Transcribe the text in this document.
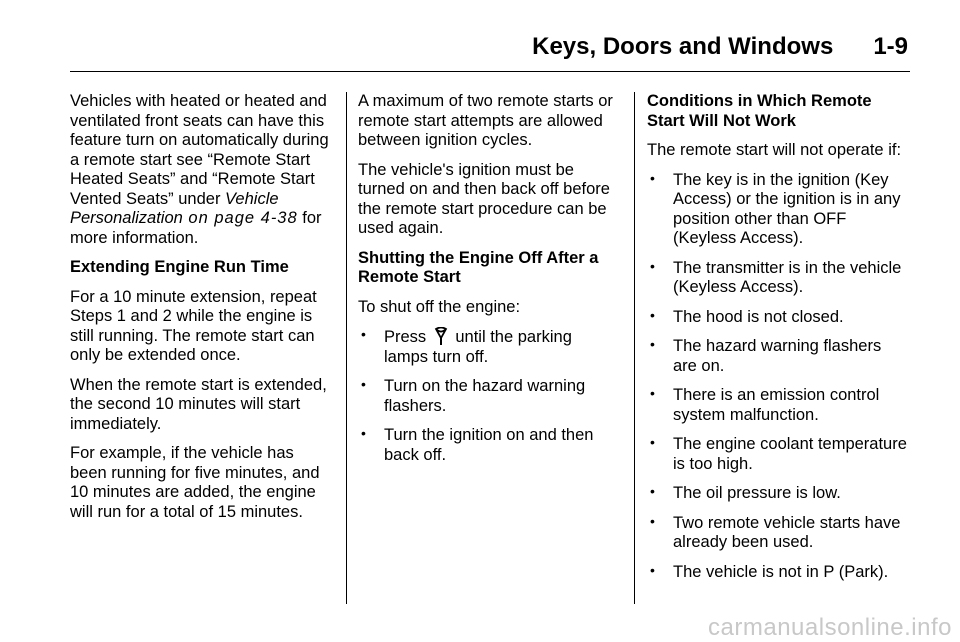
Keys, Doors and Windows 1-9

Vehicles with heated or heated and ventilated front seats can have this feature turn on automatically during a remote start see “Remote Start Heated Seats” and “Remote Start Vented Seats” under Vehicle Personalization on page 4-38 for more information.

Extending Engine Run Time

For a 10 minute extension, repeat Steps 1 and 2 while the engine is still running. The remote start can only be extended once.

When the remote start is extended, the second 10 minutes will start immediately.

For example, if the vehicle has been running for five minutes, and 10 minutes are added, the engine will run for a total of 15 minutes.

A maximum of two remote starts or remote start attempts are allowed between ignition cycles.

The vehicle's ignition must be turned on and then back off before the remote start procedure can be used again.

Shutting the Engine Off After a Remote Start

To shut off the engine:

• Press until the parking lamps turn off.
• Turn on the hazard warning flashers.
• Turn the ignition on and then back off.

Conditions in Which Remote Start Will Not Work

The remote start will not operate if:

• The key is in the ignition (Key Access) or the ignition is in any position other than OFF (Keyless Access).
• The transmitter is in the vehicle (Keyless Access).
• The hood is not closed.
• The hazard warning flashers are on.
• There is an emission control system malfunction.
• The engine coolant temperature is too high.
• The oil pressure is low.
• Two remote vehicle starts have already been used.
• The vehicle is not in P (Park).
carmanualsonline.info
